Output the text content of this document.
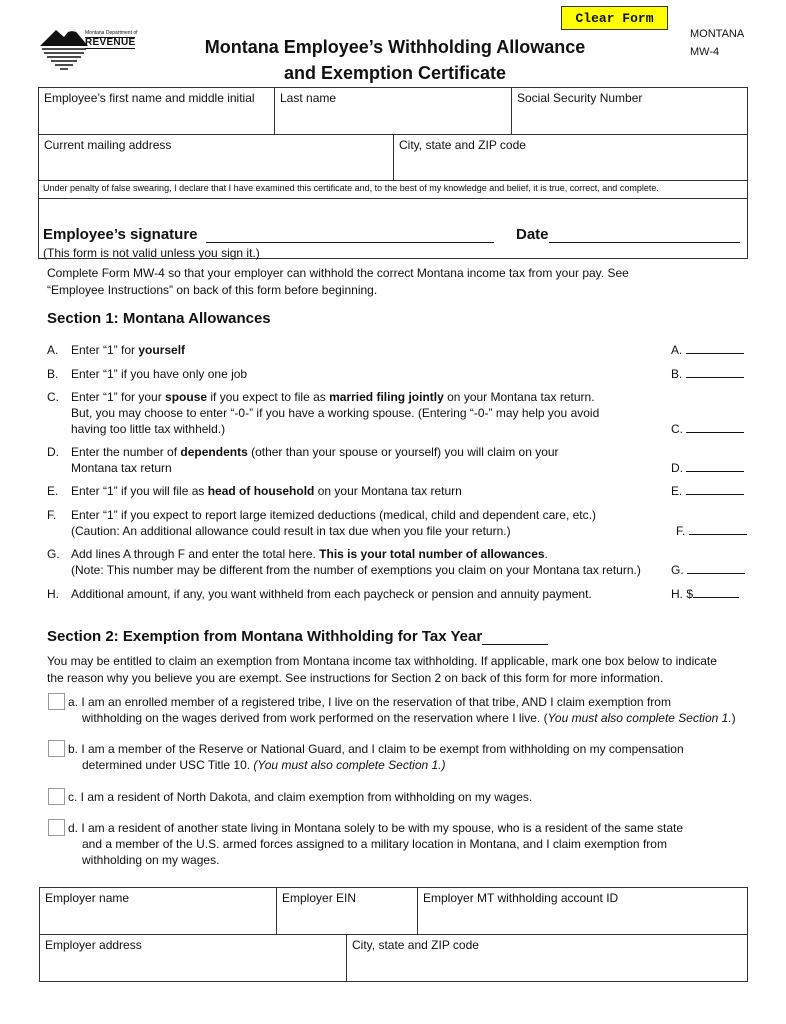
Montana Department of
REVENUE	Montana Employee’s Withholding Allowance
and Exemption Certificate
Clear Form
MONTANA
MW-4
Employee’s first name and middle initial	Last name	Social Security Number
Current mailing address	City, state and ZIP code
Under penalty of false swearing, I declare that I have examined this certificate and, to the best of my knowledge and belief, it is true, correct, and complete.
Employee’s signature	Date
(This form is not valid unless you sign it.)
Complete Form MW-4 so that your employer can withhold the correct Montana income tax from your pay. See
“Employee Instructions” on back of this form before beginning.
Section 1: Montana Allowances
A. Enter “1” for yourself	A.
B. Enter “1” if you have only one job	B.
C. Enter “1” for your spouse if you expect to file as married filing jointly on your Montana tax return.
But, you may choose to enter “-0-” if you have a working spouse. (Entering “-0-” may help you avoid
having too little tax withheld.)	C.
D. Enter the number of dependents (other than your spouse or yourself) you will claim on your
Montana tax return	D.
E. Enter “1” if you will file as head of household on your Montana tax return	E.
F. Enter “1” if you expect to report large itemized deductions (medical, child and dependent care, etc.)
(Caution: An additional allowance could result in tax due when you file your return.)	F.
G. Add lines A through F and enter the total here. This is your total number of allowances.
(Note: This number may be different from the number of exemptions you claim on your Montana tax return.)	G.
H. Additional amount, if any, you want withheld from each paycheck or pension and annuity payment.	H. $
Section 2: Exemption from Montana Withholding for Tax Year
You may be entitled to claim an exemption from Montana income tax withholding. If applicable, mark one box below to indicate
the reason why you believe you are exempt. See instructions for Section 2 on back of this form for more information.
a. I am an enrolled member of a registered tribe, I live on the reservation of that tribe, AND I claim exemption from
withholding on the wages derived from work performed on the reservation where I live. (You must also complete Section 1.)
b. I am a member of the Reserve or National Guard, and I claim to be exempt from withholding on my compensation
determined under USC Title 10. (You must also complete Section 1.)
c. I am a resident of North Dakota, and claim exemption from withholding on my wages.
d. I am a resident of another state living in Montana solely to be with my spouse, who is a resident of the same state
and a member of the U.S. armed forces assigned to a military location in Montana, and I claim exemption from
withholding on my wages.
Employer name	Employer EIN	Employer MT withholding account ID
Employer address	City, state and ZIP code
